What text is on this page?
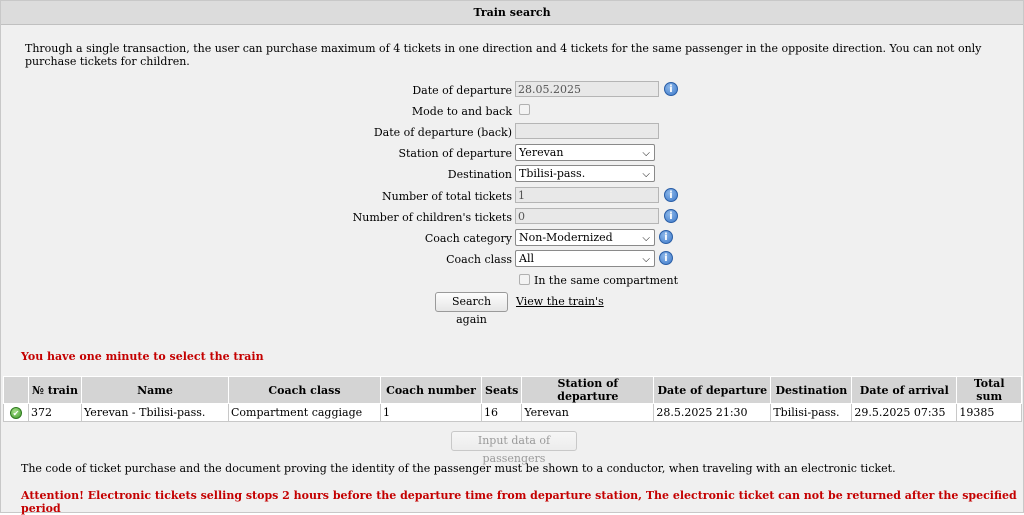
Train search
Through a single transaction, the user can purchase maximum of 4 tickets in one direction and 4 tickets for the same passenger in the opposite direction. You can not only purchase tickets for children.
Date of departure 28.05.2025	i
Mode to and back
Date of departure (back)
Station of departure Yerevan	⌵
Destination Tbilisi-pass.	⌵
Number of total tickets 1	i
Number of children's tickets 0	i
Coach category Non-Modernized	⌵	i
Coach class All	⌵	i
In the same compartment
Search again
View the train's
You have one minute to select the train
	№ train	Name	Coach class	Coach number	Seats	Station of departure	Date of departure	Destination	Date of arrival	Total sum
✔	372	Yerevan - Tbilisi-pass.	Compartment caggiage	1	16	Yerevan	28.5.2025 21:30	Tbilisi-pass.	29.5.2025 07:35	19385
Input data of passengers
The code of ticket purchase and the document proving the identity of the passenger must be shown to a conductor, when traveling with an electronic ticket.
Attention! Electronic tickets selling stops 2 hours before the departure time from departure station, The electronic ticket can not be returned after the specified period
